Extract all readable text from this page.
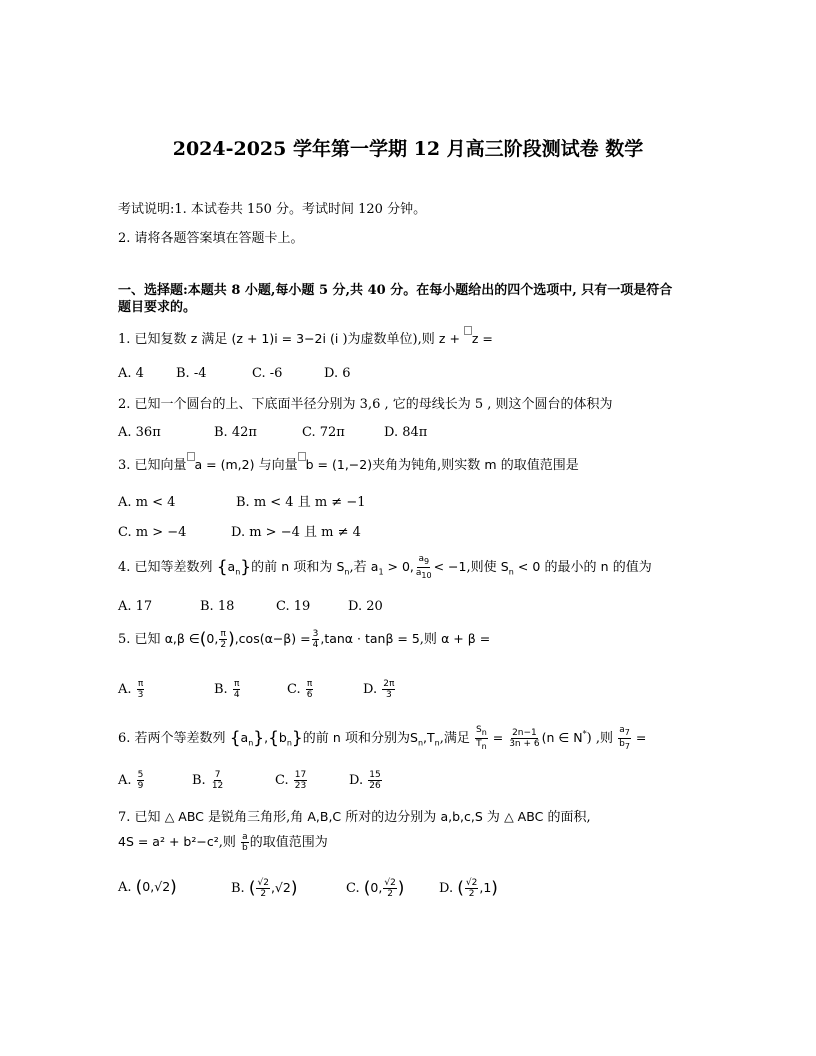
2024-2025 学年第一学期 12 月高三阶段测试卷 数学
考试说明:1. 本试卷共 150 分。考试时间 120 分钟。
2. 请将各题答案填在答题卡上。
一、选择题:本题共 8 小题,每小题 5 分,共 40 分。在每小题给出的四个选项中, 只有一项是符合
题目要求的。
1. 已知复数 z 满足 (z + 1)i = 3−2i (i )为虚数单位),则 z + z =
A. 4 B. -4	C. -6	D. 6
2. 已知一个圆台的上、下底面半径分别为 3,6 , 它的母线长为 5 , 则这个圆台的体积为
A. 36π	B. 42π	C. 72π	D. 84π
3. 已知向量 a = (m,2) 与向量 b = (1,−2)夹角为钝角,则实数 m 的取值范围是
A. m < 4	B. m < 4 且 m ≠ −1
C. m > −4	D. m > −4 且 m ≠ 4
4. 已知等差数列 $\{a_n\}$的前 n 项和为 $S_n$,若 $a_1 > 0$, $\frac{a_9}{a_{10}} < -1$,则使 $S_n < 0$ 的最小的 n 的值为
A. 17	B. 18	C. 19	D. 20
5. 已知 α,β ∈(0, $\frac{\pi}{2} ),\cos(\alpha-\beta) = \frac{3}{4} ,\tan\alpha \cdot \tan\beta = 5$,则 α + β =
A. $\frac{\pi}{3}$	B. $\frac{\pi}{4}$	C. $\frac{\pi}{6}$	D. $\frac{2\pi}{3}$
6. 若两个等差数列 $\{a_n\},\{b_n\}$的前 n 项和分别为$S_n,T_n$,满足 $\frac{S_n}{T_n} = \frac{2n-1}{3n + 6} (n$ ∈ N*) ,则 $\frac{a_7}{b_7}$ =
A. $\frac{5}{9}$	B. $\frac{7}{12}$	C. $\frac{17}{23}$	D. $\frac{15}{26}$
7. 已知 △ ABC 是锐角三角形,角 A,B,C 所对的边分别为 a,b,c,S 为 △ ABC 的面积,
4S = a² + b²−c²,则 $\frac{a}{b}$ 的取值范围为
A. (0,√2)	B. ( $\frac{√2}{2} ,√2$)	C. (0, $\frac{√2}{2}$ )	D. ( $\frac{√2}{2} ,1$)
